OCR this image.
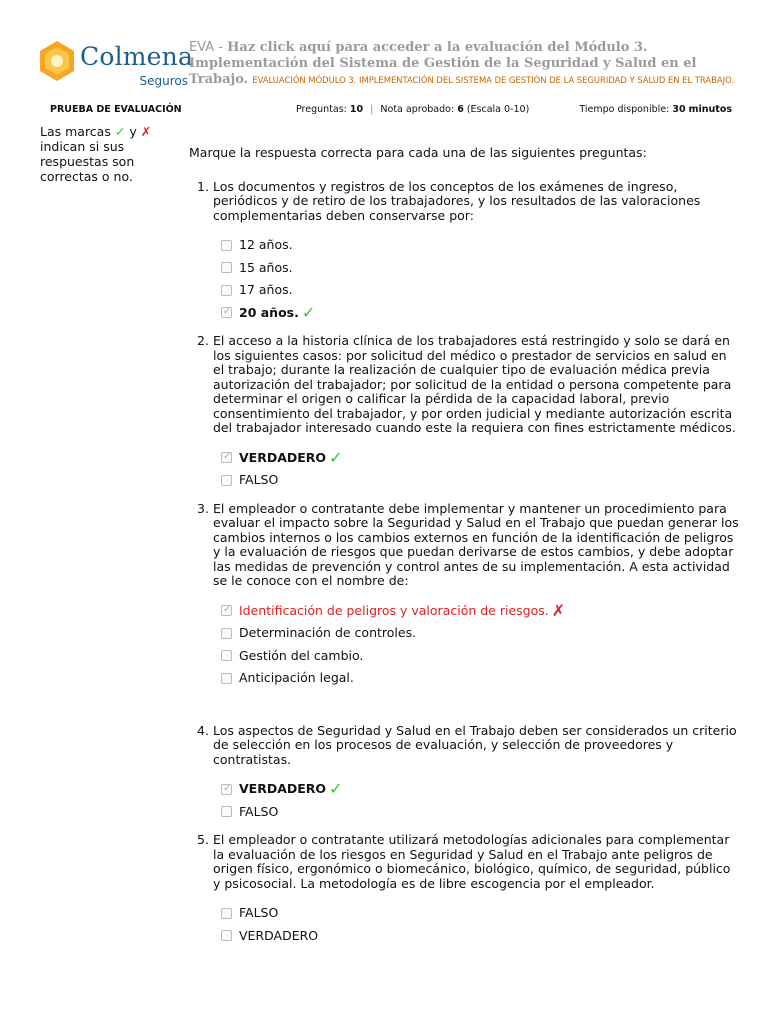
Colmena
Seguros
EVA - Haz click aquí para acceder a la evaluación del Módulo 3. Implementación del Sistema de Gestión de la Seguridad y Salud en el Trabajo. EVALUACIÓN MÓDULO 3. IMPLEMENTACIÓN DEL SISTEMA DE GESTIÓN DE LA SEGURIDAD Y SALUD EN EL TRABAJO.
PRUEBA DE EVALUACIÓN	Preguntas: 10 | Nota aprobado: 6 (Escala 0-10)	Tiempo disponible: 30 minutos
Las marcas ✓ y ✗
indican si sus respuestas son correctas o no.

Marque la respuesta correcta para cada una de las siguientes preguntas:

1. Los documentos y registros de los conceptos de los exámenes de ingreso, periódicos y de retiro de los trabajadores, y los resultados de las valoraciones complementarias deben conservarse por:
12 años.
15 años.
17 años.
✓
20 años. ✓
2. El acceso a la historia clínica de los trabajadores está restringido y solo se dará en los siguientes casos: por solicitud del médico o prestador de servicios en salud en el trabajo; durante la realización de cualquier tipo de evaluación médica previa autorización del trabajador; por solicitud de la entidad o persona competente para determinar el origen o calificar la pérdida de la capacidad laboral, previo consentimiento del trabajador, y por orden judicial y mediante autorización escrita del trabajador interesado cuando este la requiera con fines estrictamente médicos.
✓
VERDADERO ✓
FALSO
3. El empleador o contratante debe implementar y mantener un procedimiento para evaluar el impacto sobre la Seguridad y Salud en el Trabajo que puedan generar los cambios internos o los cambios externos en función de la identificación de peligros y la evaluación de riesgos que puedan derivarse de estos cambios, y debe adoptar las medidas de prevención y control antes de su implementación. A esta actividad se le conoce con el nombre de:
✓
Identificación de peligros y valoración de riesgos. ✗
Determinación de controles.
Gestión del cambio.
Anticipación legal.
4. Los aspectos de Seguridad y Salud en el Trabajo deben ser considerados un criterio de selección en los procesos de evaluación, y selección de proveedores y contratistas.
✓
VERDADERO ✓
FALSO
5. El empleador o contratante utilizará metodologías adicionales para complementar la evaluación de los riesgos en Seguridad y Salud en el Trabajo ante peligros de origen físico, ergonómico o biomecánico, biológico, químico, de seguridad, público y psicosocial. La metodología es de libre escogencia por el empleador.
FALSO
VERDADERO
